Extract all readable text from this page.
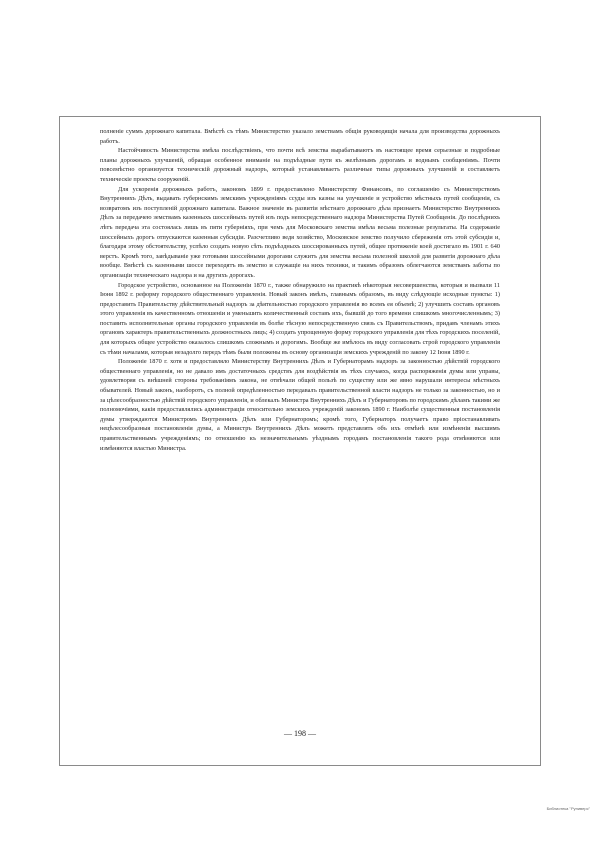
полненіе суммъ дорожнаго капитала. Вмѣстѣ съ тѣмъ Министерство указало земствамъ общія руководящія начала для производства дорожныхъ работъ.

Настойчивость Министерства имѣла послѣдствіемъ, что почти всѣ земства вырабатываютъ въ настоящее время серьезные и подробные планы дорожныхъ улучшеній, обращая особенное вниманіе на подъѣздные пути къ желѣзнымъ дорогамъ и воднымъ сообщеніямъ. Почти повсемѣстно организуется техническій дорожный надзоръ, который устанавливаетъ различные типы дорожныхъ улучшеній и составляетъ техническіе проекты сооруженій.

Для ускоренія дорожныхъ работъ, закономъ 1899 г. предоставлено Министерству Финансовъ, по соглашенію съ Министерствомъ Внутреннихъ Дѣлъ, выдавать губернскимъ земскимъ учрежденіямъ ссуды изъ казны на улучшеніе и устройство мѣстныхъ путей сообщенія, съ возвратомъ изъ поступленій дорожнаго капитала. Важное значеніе въ развитіи мѣстнаго дорожнаго дѣла признаетъ Министерство Внутреннихъ Дѣлъ за передачею земствамъ казенныхъ шоссейныхъ путей изъ подъ непосредственнаго надзора Министерства Путей Сообщенія. До послѣднихъ лѣтъ передача эта состоялась лишь въ пяти губерніяхъ, при чемъ для Московскаго земства имѣла весьма полезные результаты. На содержаніе шоссейныхъ дорогъ отпускаются казенныя субсидіи. Разсчетливо ведя хозяйство, Московское земство получило сбереженія отъ этой субсидіи и, благодаря этому обстоятельству, успѣло создать новую сѣть подъѣздныхъ шоссированныхъ путей, общее протяженіе коей достигало въ 1901 г. 640 верстъ. Кромѣ того, завѣдываніе уже готовыми шоссейными дорогами служитъ для земства весьма полезной школой для развитія дорожнаго дѣла вообще. Вмѣстѣ съ казенными шоссе переходятъ въ земство и служащіе на нихъ техники, и такимъ образомъ облегчаются земствамъ заботы по организаціи техническаго надзора и на другихъ дорогахъ.

Городское устройство, основанное на Положеніи 1870 г., также обнаружило на практикѣ нѣкоторыя несовершенства, которыя и вызвали 11 Іюня 1892 г. реформу городского общественнаго управленія. Новый законъ имѣлъ, главнымъ образомъ, въ виду слѣдующіе исходные пункты: 1) предоставить Правительству дѣйствительный надзоръ за дѣятельностью городского управленія во всемъ ея объемѣ; 2) улучшить составъ органовъ этого управленія въ качественномъ отношеніи и уменьшить количественный составъ ихъ, бывшій до того времени слишкомъ многочисленнымъ; 3) поставить исполнительные органы городского управленія въ болѣе тѣсную непосредственную связь съ Правительствомъ, придавъ членамъ этихъ органовъ характеръ правительственныхъ должностныхъ лицъ; 4) создать упрощенную форму городского управленія для тѣхъ городскихъ поселеній, для которыхъ общее устройство оказалось слишкомъ сложнымъ и дорогимъ. Вообще же имѣлось въ виду согласовать строй городского управленія съ тѣми началами, которыя незадолго передъ тѣмъ были положены въ основу организаціи земскихъ учрежденій по закону 12 Іюня 1890 г.

Положеніе 1870 г. хотя и предоставляло Министерству Внутреннихъ Дѣлъ и Губернаторамъ надзоръ за законностью дѣйствій городского общественнаго управленія, но не давало имъ достаточныхъ средствъ для воздѣйствія въ тѣхъ случаяхъ, когда распоряженія думы или управы, удовлетворяя съ внѣшней стороны требованіямъ закона, не отвѣчали общей пользѣ по существу или же явно нарушали интересы мѣстныхъ обывателей. Новый законъ, наоборотъ, съ полной опредѣленностью передавалъ правительственной власти надзоръ не только за законностью, но и за цѣлесообразностью дѣйствій городского управленія, и облекалъ Министра Внутреннихъ Дѣлъ и Губернаторовъ по городскимъ дѣламъ такими же полномочіями, какія предоставлялись администраціи относительно земскихъ учрежденій закономъ 1890 г. Наиболѣе существенныя постановленія думы утверждаются Министромъ Внутреннихъ Дѣлъ или Губернаторомъ; кромѣ того, Губернаторъ получаетъ право пріостанавливать нецѣлесообразныя постановленія думы, а Министръ Внутреннихъ Дѣлъ можетъ представлять объ ихъ отмѣнѣ или измѣненіи высшимъ правительственнымъ учрежденіямъ; по отношенію къ незначительнымъ уѣзднымъ городамъ постановленія такого рода отмѣняются или измѣняются властью Министра.

— 198 —
Библиотека "Руниверс"
